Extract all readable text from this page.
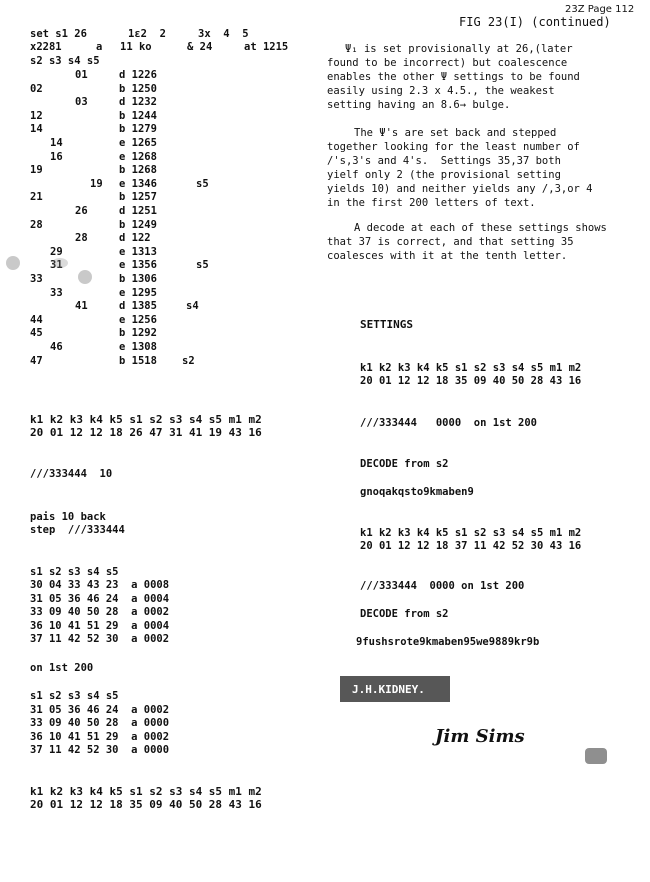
23Z Page 112
FIG 23(I) (continued)
set s1 26	1ε2  2	3x  4  5
x2281	a 11 ko	& 24	at 1215
s2 s3 s4 s5
01	d 1226
02	b 1250
03	d 1232
12	b 1244
14	b 1279
14	e 1265
16	e 1268
19	b 1268
19 e 1346	s5
21	b 1257
26	d 1251
28	b 1249
28	d 122
29	e 1313
31	e 1356	s5
33	b 1306
33	e 1295
41	d 1385	s4
44	e 1256
45	b 1292
46	e 1308
47	b 1518 s2
k1 k2 k3 k4 k5 s1 s2 s3 s4 s5 m1 m2
20 01 12 12 18 26 47 31 41 19 43 16
///333444  10
pais 10 back
step  ///333444
s1 s2 s3 s4 s5
30 04 33 43 23  a 0008
31 05 36 46 24  a 0004
33 09 40 50 28  a 0002
36 10 41 51 29  a 0004
37 11 42 52 30  a 0002
on 1st 200
s1 s2 s3 s4 s5
31 05 36 46 24  a 0002
33 09 40 50 28  a 0000
36 10 41 51 29  a 0002
37 11 42 52 30  a 0000
k1 k2 k3 k4 k5 s1 s2 s3 s4 s5 m1 m2
20 01 12 12 18 35 09 40 50 28 43 16
Ψ₁ is set provisionally at 26,(later
found to be incorrect) but coalescence
enables the other Ψ settings to be found
easily using 2.3 x 4.5., the weakest
setting having an 8.6→ bulge.
The Ψ's are set back and stepped
together looking for the least number of
/'s,3's and 4's.  Settings 35,37 both
yielf only 2 (the provisional setting
yields 10) and neither yields any /,3,or 4
in the first 200 letters of text.
A decode at each of these settings shows
that 37 is correct, and that setting 35
coalesces with it at the tenth letter.
SETTINGS
k1 k2 k3 k4 k5 s1 s2 s3 s4 s5 m1 m2
20 01 12 12 18 35 09 40 50 28 43 16
///333444   0000  on 1st 200
DECODE from s2
gnoqakqsto9kmaben9
k1 k2 k3 k4 k5 s1 s2 s3 s4 s5 m1 m2
20 01 12 12 18 37 11 42 52 30 43 16
///333444  0000 on 1st 200
DECODE from s2
9fushsrote9kmaben95we9889kr9b
J.H.KIDNEY.
Jim Sims
